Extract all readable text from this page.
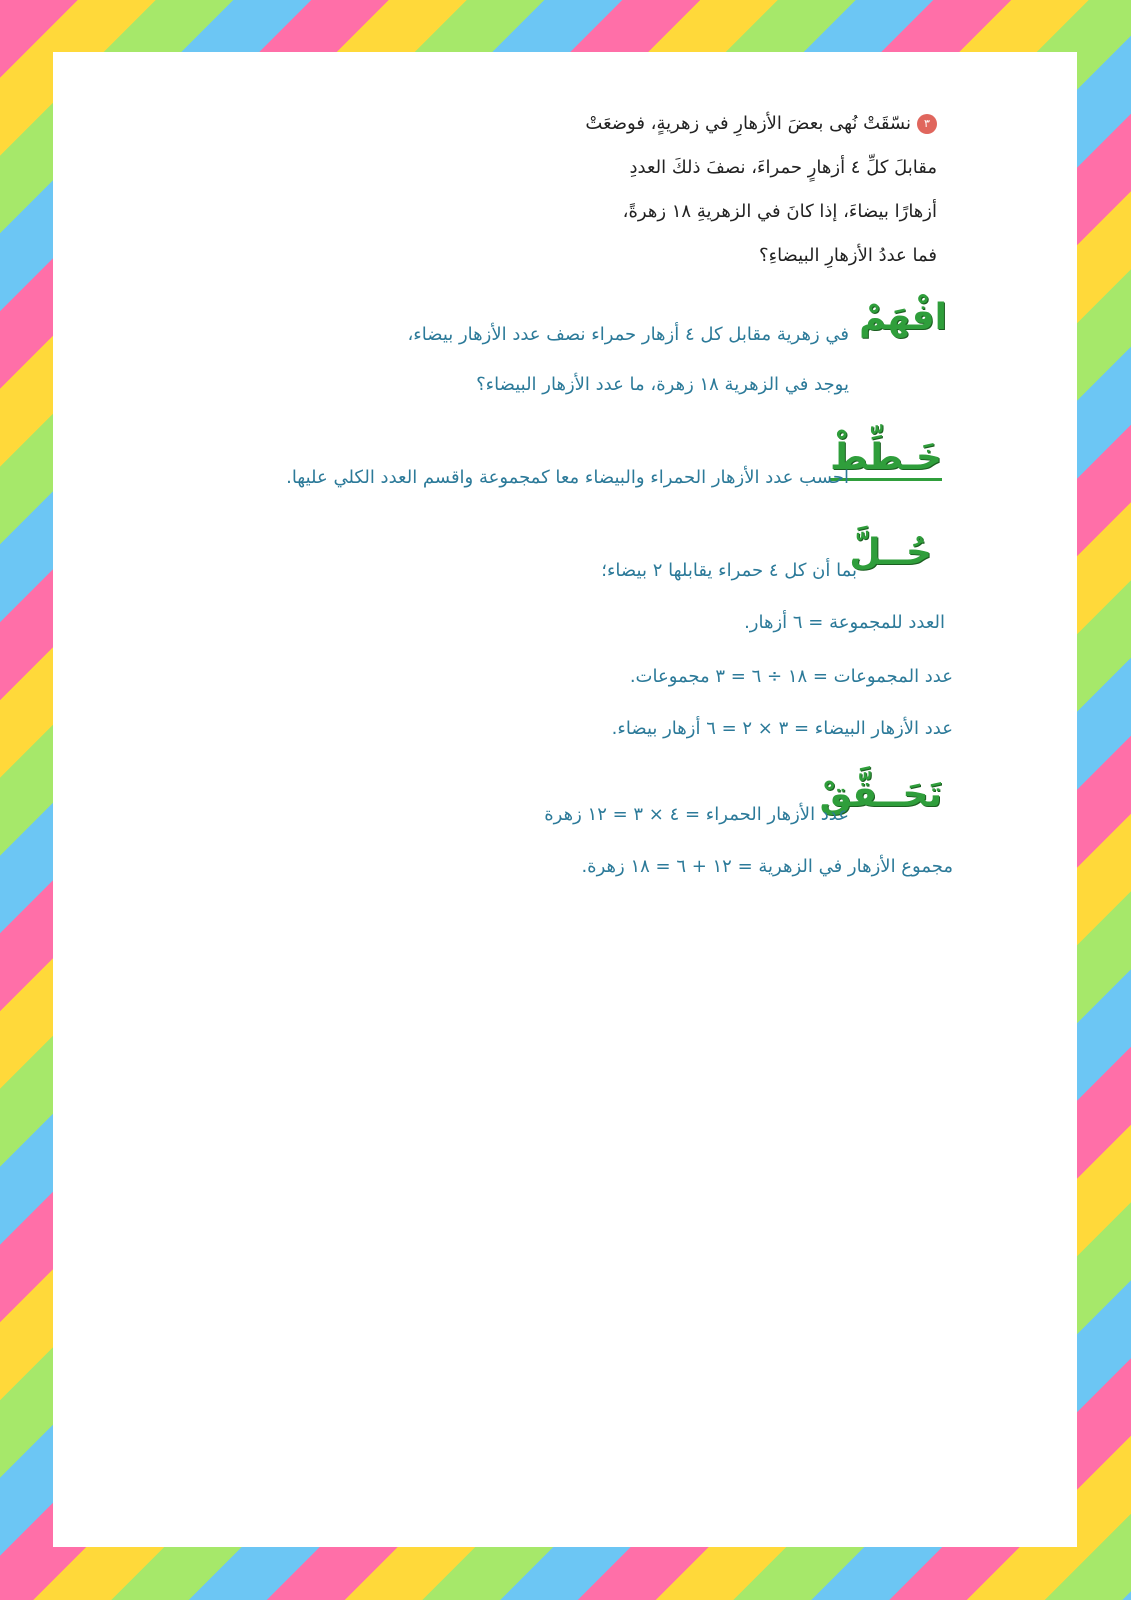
٣نسّقَتْ نُهى بعضَ الأزهارِ في زهريةٍ، فوضعَتْ

مقابلَ كلِّ ٤ أزهارٍ حمراءَ، نصفَ ذلكَ العددِ

أزهارًا بيضاءَ، إذا كانَ في الزهريةِ ١٨ زهرةً،

فما عددُ الأزهارِ البيضاءِ؟

افْهَمْ
في زهرية مقابل كل ٤ أزهار حمراء نصف عدد الأزهار بيضاء،
يوجد في الزهرية ١٨ زهرة، ما عدد الأزهار البيضاء؟
خَـطِّطْ
احسب عدد الأزهار الحمراء والبيضاء معا كمجموعة واقسم العدد الكلي عليها.
حُــلَّ
بما أن كل ٤ حمراء يقابلها ٢ بيضاء؛
العدد للمجموعة = ٦ أزهار.
عدد المجموعات = ١٨ ÷ ٦ = ٣ مجموعات.
عدد الأزهار البيضاء = ٣ × ٢ = ٦ أزهار بيضاء.
تَحَــقَّقْ
عدد الأزهار الحمراء = ٤ × ٣ = ١٢ زهرة
مجموع الأزهار في الزهرية = ١٢ + ٦ = ١٨ زهرة.
